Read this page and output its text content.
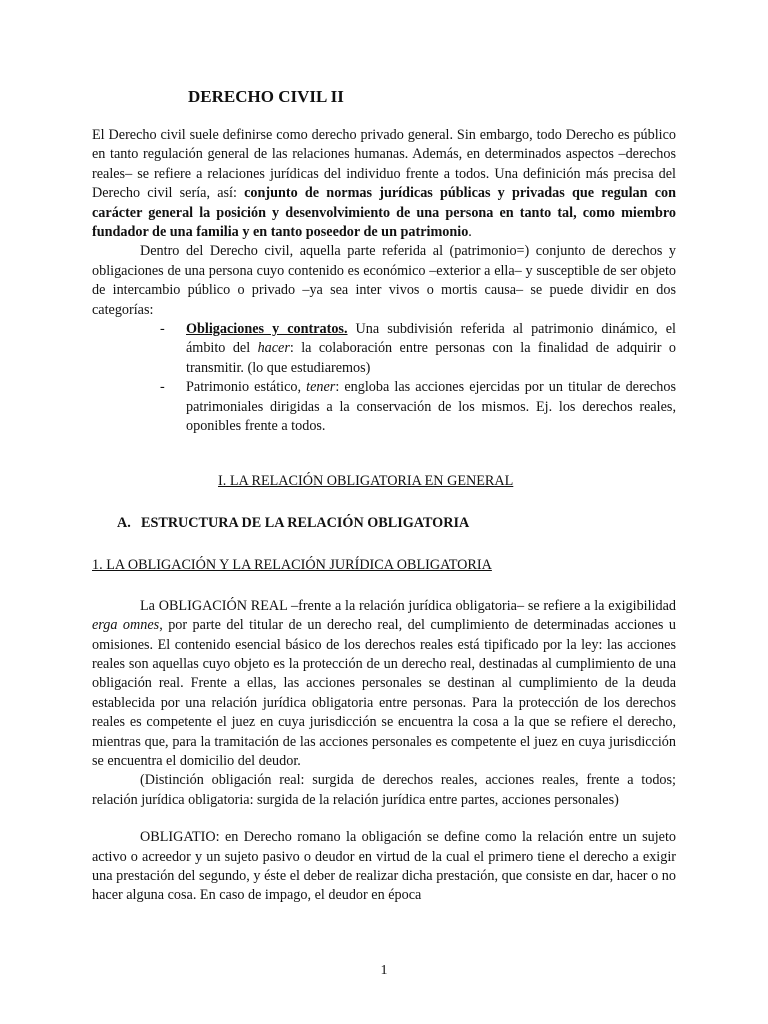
DERECHO CIVIL II

El Derecho civil suele definirse como derecho privado general. Sin embargo, todo Derecho es público en tanto regulación general de las relaciones humanas. Además, en determinados aspectos –derechos reales– se refiere a relaciones jurídicas del individuo frente a todos. Una definición más precisa del Derecho civil sería, así: conjunto de normas jurídicas públicas y privadas que regulan con carácter general la posición y desenvolvimiento de una persona en tanto tal, como miembro fundador de una familia y en tanto poseedor de un patrimonio.

Dentro del Derecho civil, aquella parte referida al (patrimonio=) conjunto de derechos y obligaciones de una persona cuyo contenido es económico –exterior a ella– y susceptible de ser objeto de intercambio público o privado –ya sea inter vivos o mortis causa– se puede dividir en dos categorías:

- Obligaciones y contratos. Una subdivisión referida al patrimonio dinámico, el ámbito del hacer: la colaboración entre personas con la finalidad de adquirir o transmitir. (lo que estudiaremos)
- Patrimonio estático, tener: engloba las acciones ejercidas por un titular de derechos patrimoniales dirigidas a la conservación de los mismos. Ej. los derechos reales, oponibles frente a todos.
I. LA RELACIÓN OBLIGATORIA EN GENERAL
A. ESTRUCTURA DE LA RELACIÓN OBLIGATORIA
1. LA OBLIGACIÓN Y LA RELACIÓN JURÍDICA OBLIGATORIA

La OBLIGACIÓN REAL –frente a la relación jurídica obligatoria– se refiere a la exigibilidad erga omnes, por parte del titular de un derecho real, del cumplimiento de determinadas acciones u omisiones. El contenido esencial básico de los derechos reales está tipificado por la ley: las acciones reales son aquellas cuyo objeto es la protección de un derecho real, destinadas al cumplimiento de una obligación real. Frente a ellas, las acciones personales se destinan al cumplimiento de la deuda establecida por una relación jurídica obligatoria entre personas. Para la protección de los derechos reales es competente el juez en cuya jurisdicción se encuentra la cosa a la que se refiere el derecho, mientras que, para la tramitación de las acciones personales es competente el juez en cuya jurisdicción se encuentra el domicilio del deudor.

(Distinción obligación real: surgida de derechos reales, acciones reales, frente a todos; relación jurídica obligatoria: surgida de la relación jurídica entre partes, acciones personales)

OBLIGATIO: en Derecho romano la obligación se define como la relación entre un sujeto activo o acreedor y un sujeto pasivo o deudor en virtud de la cual el primero tiene el derecho a exigir una prestación del segundo, y éste el deber de realizar dicha prestación, que consiste en dar, hacer o no hacer alguna cosa. En caso de impago, el deudor en época

1
